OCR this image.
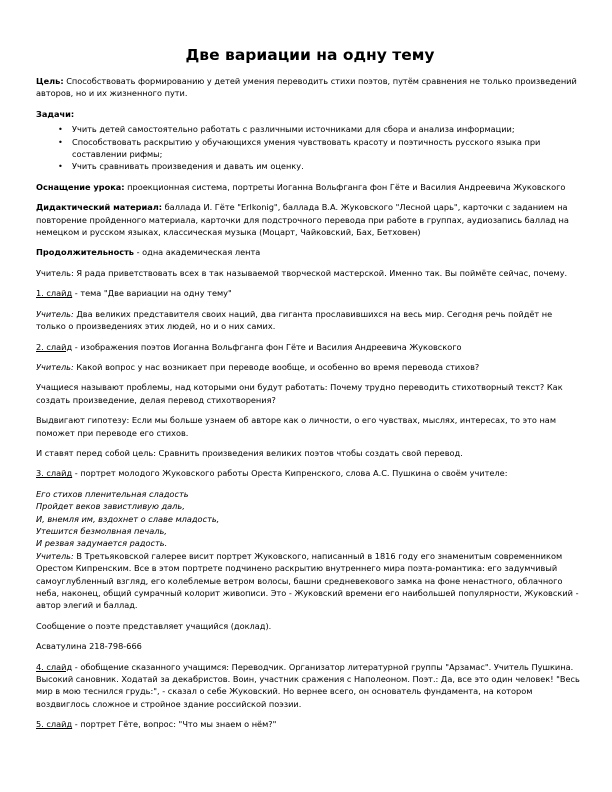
Две вариации на одну тему

Цель: Способствовать формированию у детей умения переводить стихи поэтов, путём сравнения не только произведений авторов, но и их жизненного пути.

Задачи:

• Учить детей самостоятельно работать с различными источниками для сбора и анализа информации;
• Способствовать раскрытию у обучающихся умения чувствовать красоту и поэтичность русского языка при составлении рифмы;
• Учить сравнивать произведения и давать им оценку.

Оснащение урока: проекционная система, портреты Иоганна Вольфганга фон Гёте и Василия Андреевича Жуковского

Дидактический материал: баллада И. Гёте "Erlkonig", баллада В.А. Жуковского "Лесной царь", карточки с заданием на повторение пройденного материала, карточки для подстрочного перевода при работе в группах, аудиозапись баллад на немецком и русском языках, классическая музыка (Моцарт, Чайковский, Бах, Бетховен)

Продолжительность - одна академическая лента

Учитель: Я рада приветствовать всех в так называемой творческой мастерской. Именно так. Вы поймёте сейчас, почему.

1. слайд - тема "Две вариации на одну тему"

Учитель: Два великих представителя своих наций, два гиганта прославившихся на весь мир. Сегодня речь пойдёт не только о произведениях этих людей, но и о них самих.

2. слайд - изображения поэтов Иоганна Вольфганга фон Гёте и Василия Андреевича Жуковского

Учитель: Какой вопрос у нас возникает при переводе вообще, и особенно во время перевода стихов?

Учащиеся называют проблемы, над которыми они будут работать: Почему трудно переводить стихотворный текст? Как создать произведение, делая перевод стихотворения?

Выдвигают гипотезу: Если мы больше узнаем об авторе как о личности, о его чувствах, мыслях, интересах, то это нам поможет при переводе его стихов.

И ставят перед собой цель: Сравнить произведения великих поэтов чтобы создать свой перевод.

3. слайд - портрет молодого Жуковского работы Ореста Кипренского, слова А.С. Пушкина о своём учителе:

Его стихов пленительная сладость
Пройдет веков завистливую даль,
И, внемля им, вздохнет о славе младость,
Утешится безмолвная печаль,
И резвая задумается радость.

Учитель: В Третьяковской галерее висит портрет Жуковского, написанный в 1816 году его знаменитым современником Орестом Кипренским. Все в этом портрете подчинено раскрытию внутреннего мира поэта-романтика: его задумчивый самоуглубленный взгляд, его колеблемые ветром волосы, башни средневекового замка на фоне ненастного, облачного неба, наконец, общий сумрачный колорит живописи. Это - Жуковский времени его наибольшей популярности, Жуковский - автор элегий и баллад.

Сообщение о поэте представляет учащийся (доклад).

Асватулина 218-798-666

4. слайд - обобщение сказанного учащимся: Переводчик. Организатор литературной группы "Арзамас". Учитель Пушкина. Высокий сановник. Ходатай за декабристов. Воин, участник сражения с Наполеоном. Поэт.: Да, все это один человек! "Весь мир в мою теснился грудь:", - сказал о себе Жуковский. Но вернее всего, он основатель фундамента, на котором воздвиглось сложное и стройное здание российской поэзии.

5. слайд - портрет Гёте, вопрос: "Что мы знаем о нём?"
